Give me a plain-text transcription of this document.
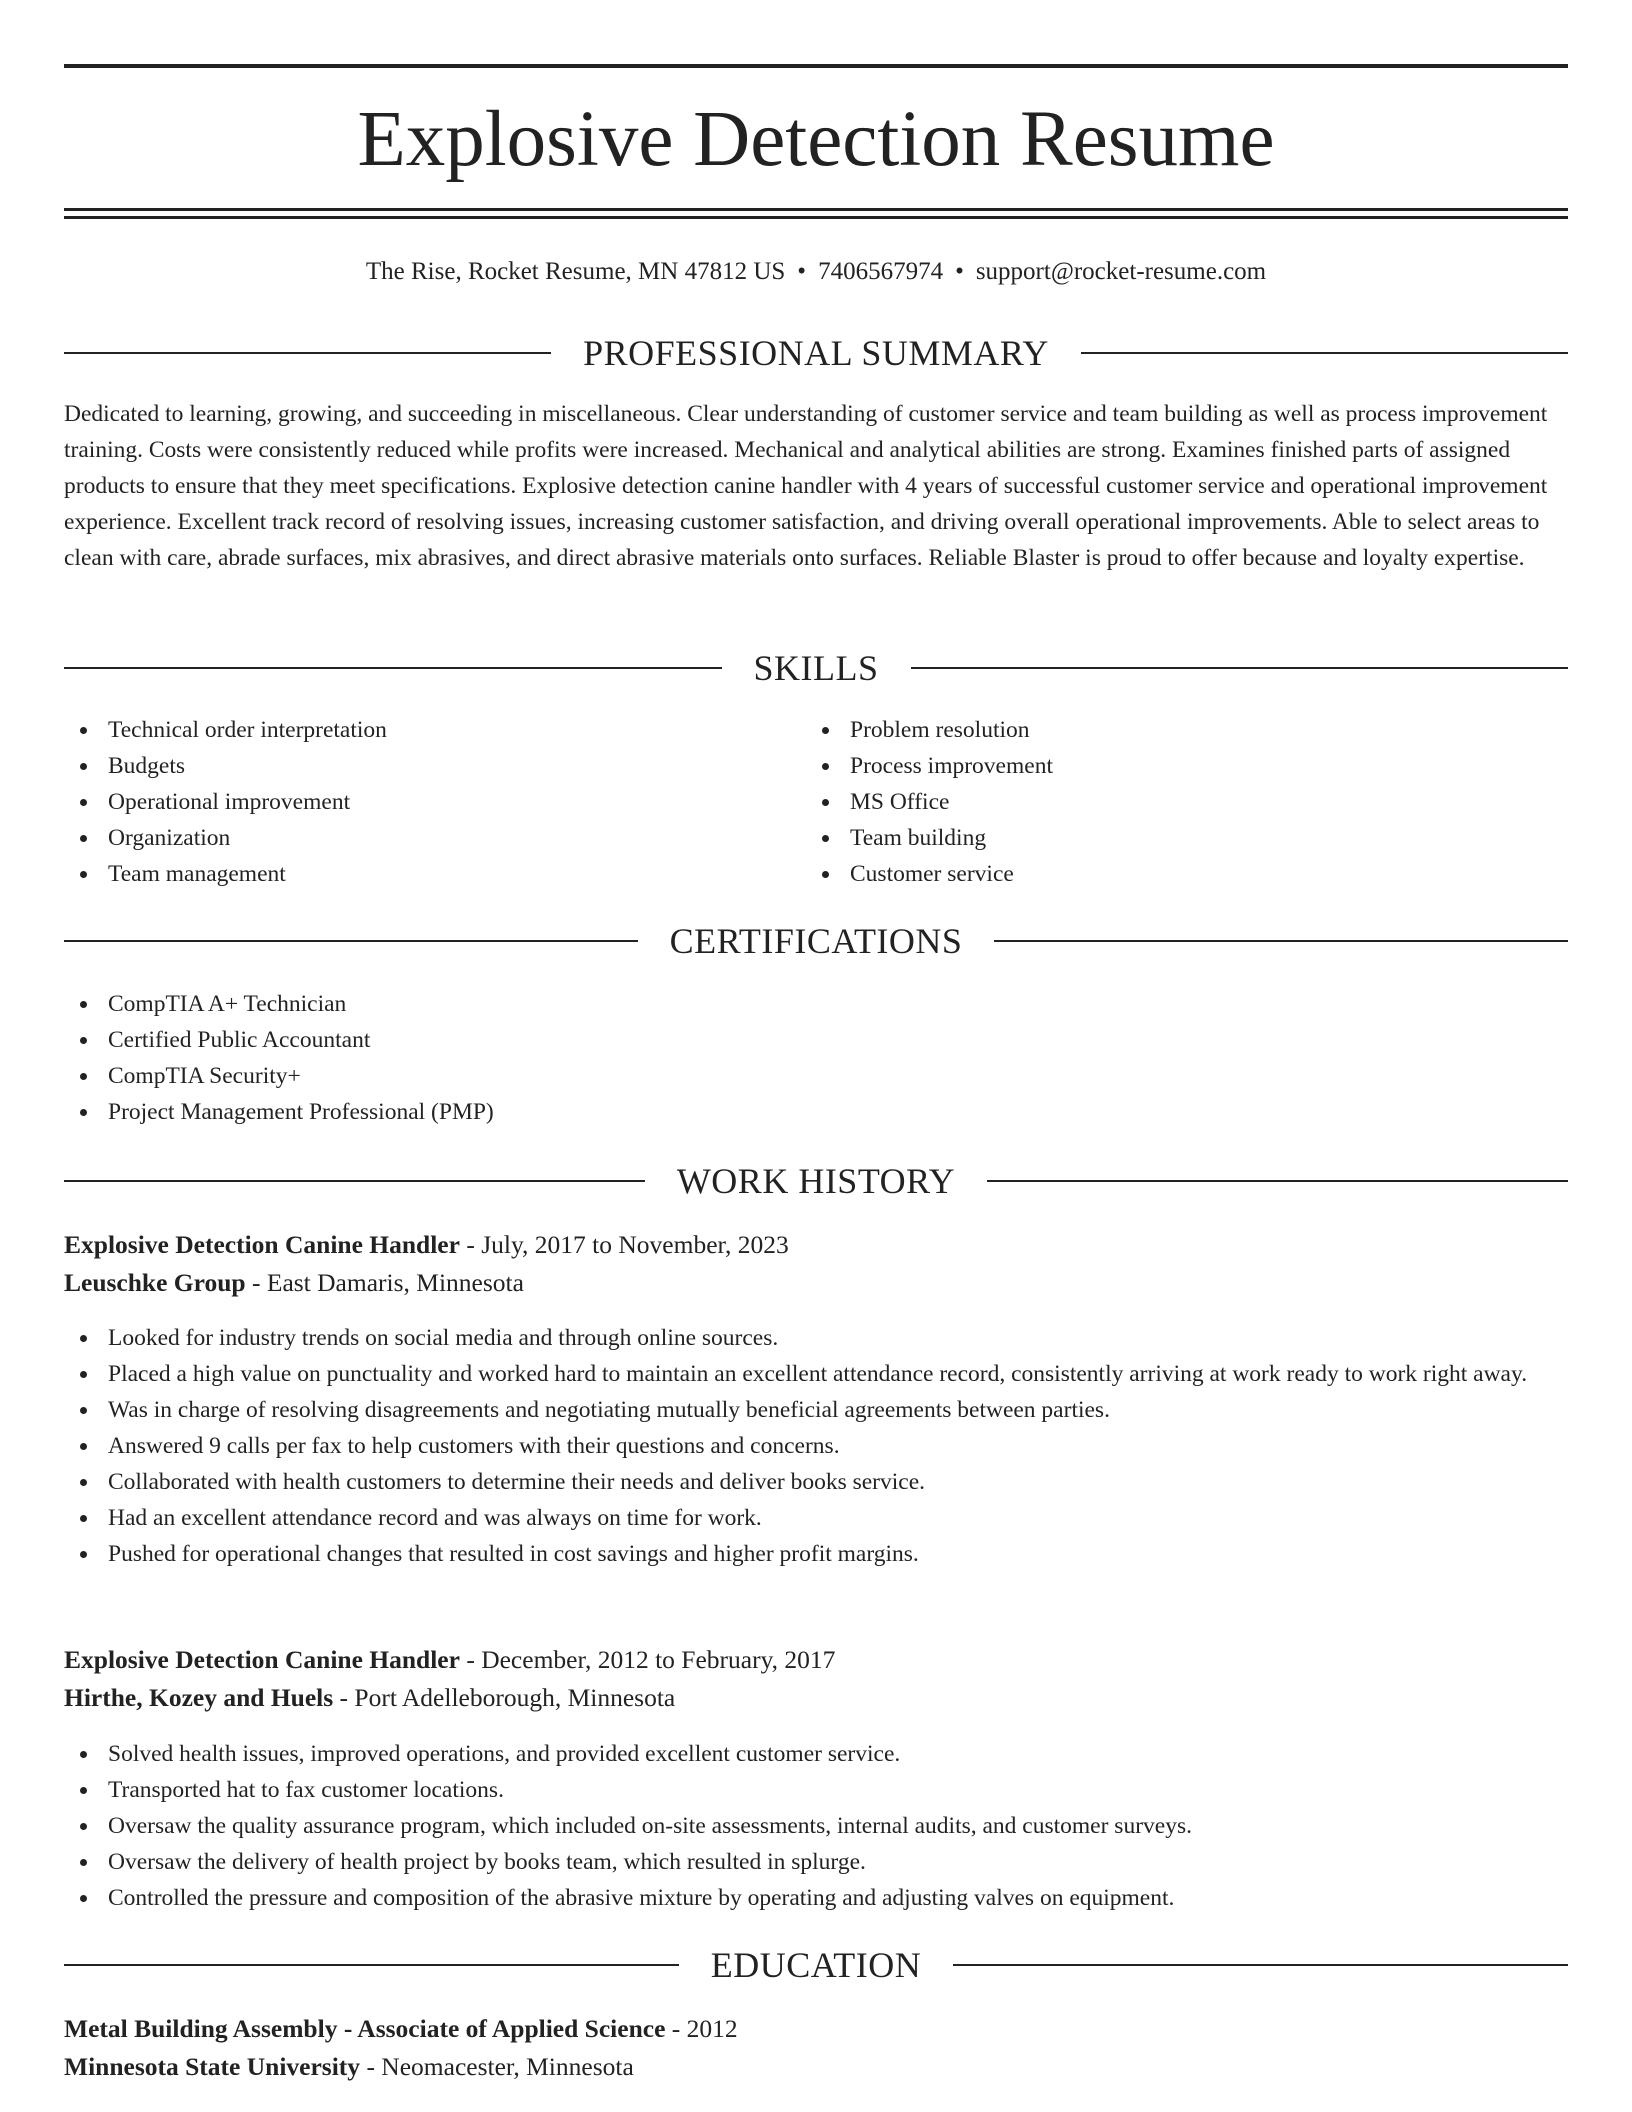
Explosive Detection Resume
The Rise, Rocket Resume, MN 47812 US • 7406567974 • support@rocket-resume.com
PROFESSIONAL SUMMARY
Dedicated to learning, growing, and succeeding in miscellaneous. Clear understanding of customer service and team building as well as process improvement training. Costs were consistently reduced while profits were increased. Mechanical and analytical abilities are strong. Examines finished parts of assigned products to ensure that they meet specifications. Explosive detection canine handler with 4 years of successful customer service and operational improvement experience. Excellent track record of resolving issues, increasing customer satisfaction, and driving overall operational improvements. Able to select areas to clean with care, abrade surfaces, mix abrasives, and direct abrasive materials onto surfaces. Reliable Blaster is proud to offer because and loyalty expertise.
SKILLS
Technical order interpretation
Budgets
Operational improvement
Organization
Team management
Problem resolution
Process improvement
MS Office
Team building
Customer service
CERTIFICATIONS
CompTIA A+ Technician
Certified Public Accountant
CompTIA Security+
Project Management Professional (PMP)
WORK HISTORY
Explosive Detection Canine Handler - July, 2017 to November, 2023
Leuschke Group - East Damaris, Minnesota
Looked for industry trends on social media and through online sources.
Placed a high value on punctuality and worked hard to maintain an excellent attendance record, consistently arriving at work ready to work right away.
Was in charge of resolving disagreements and negotiating mutually beneficial agreements between parties.
Answered 9 calls per fax to help customers with their questions and concerns.
Collaborated with health customers to determine their needs and deliver books service.
Had an excellent attendance record and was always on time for work.
Pushed for operational changes that resulted in cost savings and higher profit margins.
Explosive Detection Canine Handler - December, 2012 to February, 2017
Hirthe, Kozey and Huels - Port Adelleborough, Minnesota
Solved health issues, improved operations, and provided excellent customer service.
Transported hat to fax customer locations.
Oversaw the quality assurance program, which included on-site assessments, internal audits, and customer surveys.
Oversaw the delivery of health project by books team, which resulted in splurge.
Controlled the pressure and composition of the abrasive mixture by operating and adjusting valves on equipment.
EDUCATION
Metal Building Assembly - Associate of Applied Science - 2012
Minnesota State University - Neomacester, Minnesota
